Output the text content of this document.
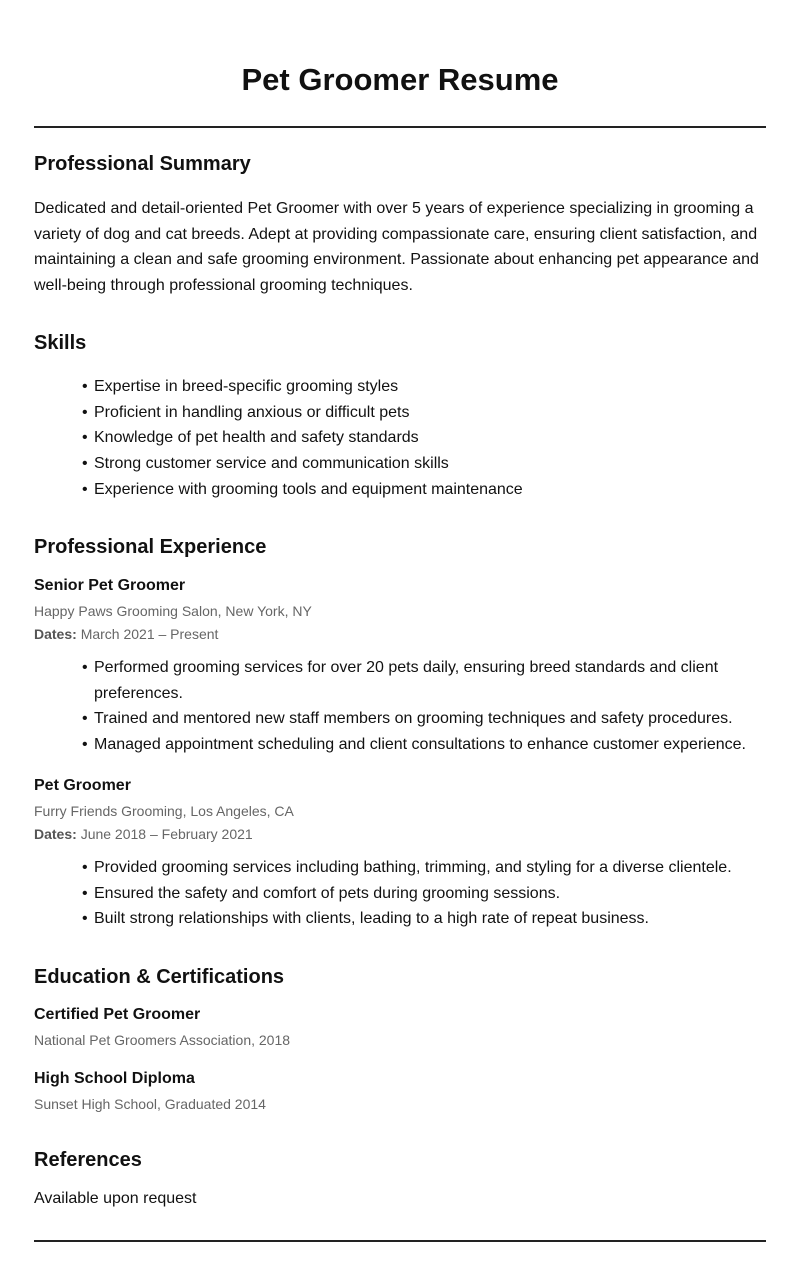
Pet Groomer Resume
Professional Summary

Dedicated and detail-oriented Pet Groomer with over 5 years of experience specializing in grooming a variety of dog and cat breeds. Adept at providing compassionate care, ensuring client satisfaction, and maintaining a clean and safe grooming environment. Passionate about enhancing pet appearance and well-being through professional grooming techniques.

Skills
• Expertise in breed-specific grooming styles
• Proficient in handling anxious or difficult pets
• Knowledge of pet health and safety standards
• Strong customer service and communication skills
• Experience with grooming tools and equipment maintenance
Professional Experience
Senior Pet Groomer
Happy Paws Grooming Salon, New York, NY
Dates: March 2021 – Present
• Performed grooming services for over 20 pets daily, ensuring breed standards and client preferences.
• Trained and mentored new staff members on grooming techniques and safety procedures.
• Managed appointment scheduling and client consultations to enhance customer experience.
Pet Groomer
Furry Friends Grooming, Los Angeles, CA
Dates: June 2018 – February 2021
• Provided grooming services including bathing, trimming, and styling for a diverse clientele.
• Ensured the safety and comfort of pets during grooming sessions.
• Built strong relationships with clients, leading to a high rate of repeat business.
Education & Certifications
Certified Pet Groomer
National Pet Groomers Association, 2018
High School Diploma
Sunset High School, Graduated 2014
References

Available upon request
